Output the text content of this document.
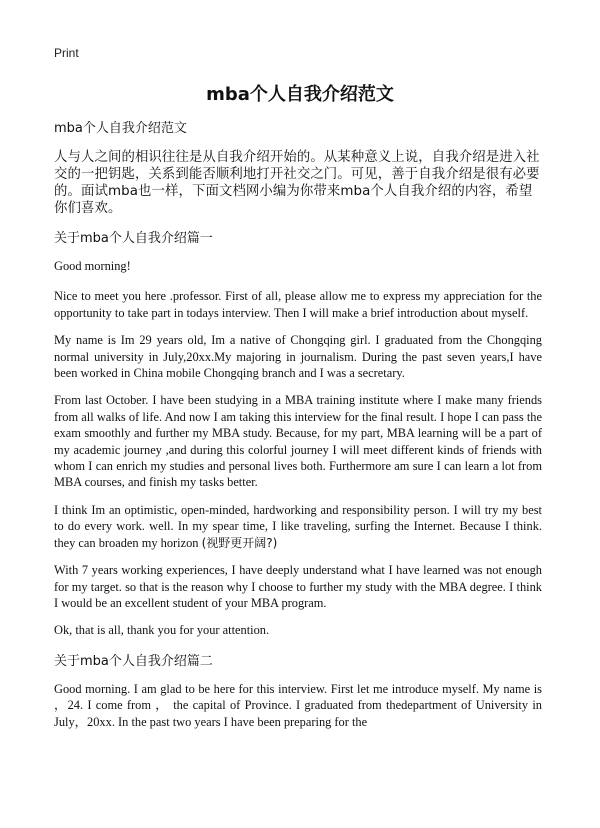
Print
mba个人自我介绍范文

mba个人自我介绍范文

人与人之间的相识往往是从自我介绍开始的。从某种意义上说，自我介绍是进入社交的一把钥匙，关系到能否顺利地打开社交之门。可见，善于自我介绍是很有必要的。面试mba也一样，下面文档网小编为你带来mba个人自我介绍的内容，希望你们喜欢。

关于mba个人自我介绍篇一

Good morning!

Nice to meet you here .professor. First of all, please allow me to express my appreciation for the opportunity to take part in todays interview. Then I will make a brief introduction about myself.

My name is Im 29 years old, Im a native of Chongqing girl. I graduated from the Chongqing normal university in July,20xx.My majoring in journalism. During the past seven years,I have been worked in China mobile Chongqing branch and I was a secretary.

From last October. I have been studying in a MBA training institute where I make many friends from all walks of life. And now I am taking this interview for the final result. I hope I can pass the exam smoothly and further my MBA study. Because, for my part, MBA learning will be a part of my academic journey ,and during this colorful journey I will meet different kinds of friends with whom I can enrich my studies and personal lives both. Furthermore am sure I can learn a lot from MBA courses, and finish my tasks better.

I think Im an optimistic, open-minded, hardworking and responsibility person. I will try my best to do every work. well. In my spear time, I like traveling, surfing the Internet. Because I think. they can broaden my horizon (视野更开阔?)

With 7 years working experiences, I have deeply understand what I have learned was not enough for my target. so that is the reason why I choose to further my study with the MBA degree. I think I would be an excellent student of your MBA program.

Ok, that is all, thank you for your attention.

关于mba个人自我介绍篇二

Good morning. I am glad to be here for this interview. First let me introduce myself. My name is ，24. I come from ， the capital of Province. I graduated from thedepartment of University in July，20xx. In the past two years I have been preparing for the
